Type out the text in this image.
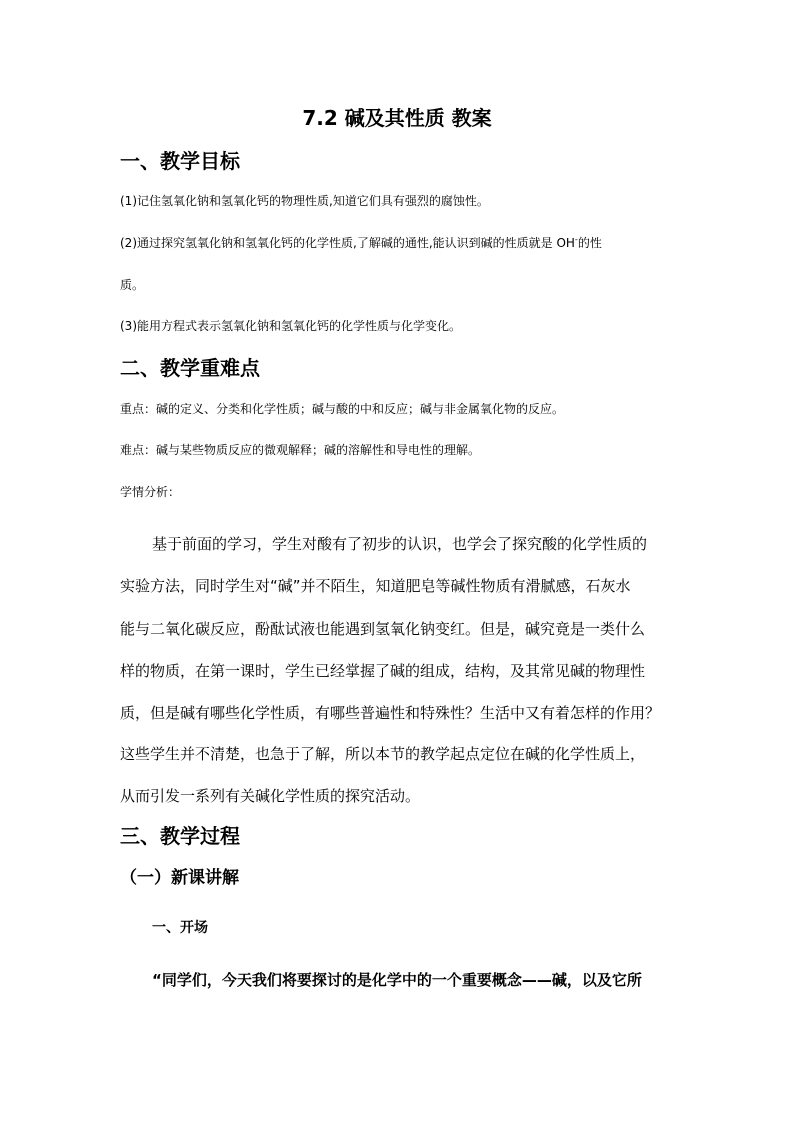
7.2 碱及其性质 教案

一、教学目标

(1)记住氢氧化钠和氢氧化钙的物理性质,知道它们具有强烈的腐蚀性。

(2)通过探究氢氧化钠和氢氧化钙的化学性质,了解碱的通性,能认识到碱的性质就是 OH-的性

质。

(3)能用方程式表示氢氧化钠和氢氧化钙的化学性质与化学变化。

二、教学重难点

重点：碱的定义、分类和化学性质；碱与酸的中和反应；碱与非金属氧化物的反应。

难点：碱与某些物质反应的微观解释；碱的溶解性和导电性的理解。

学情分析：

基于前面的学习，学生对酸有了初步的认识，也学会了探究酸的化学性质的

实验方法，同时学生对“碱”并不陌生，知道肥皂等碱性物质有滑腻感，石灰水

能与二氧化碳反应，酚酞试液也能遇到氢氧化钠变红。但是，碱究竟是一类什么

样的物质，在第一课时，学生已经掌握了碱的组成，结构，及其常见碱的物理性

质，但是碱有哪些化学性质，有哪些普遍性和特殊性？生活中又有着怎样的作用？

这些学生并不清楚，也急于了解，所以本节的教学起点定位在碱的化学性质上，

从而引发一系列有关碱化学性质的探究活动。

三、教学过程

（一）新课讲解

一、开场

“同学们，今天我们将要探讨的是化学中的一个重要概念——碱，以及它所
